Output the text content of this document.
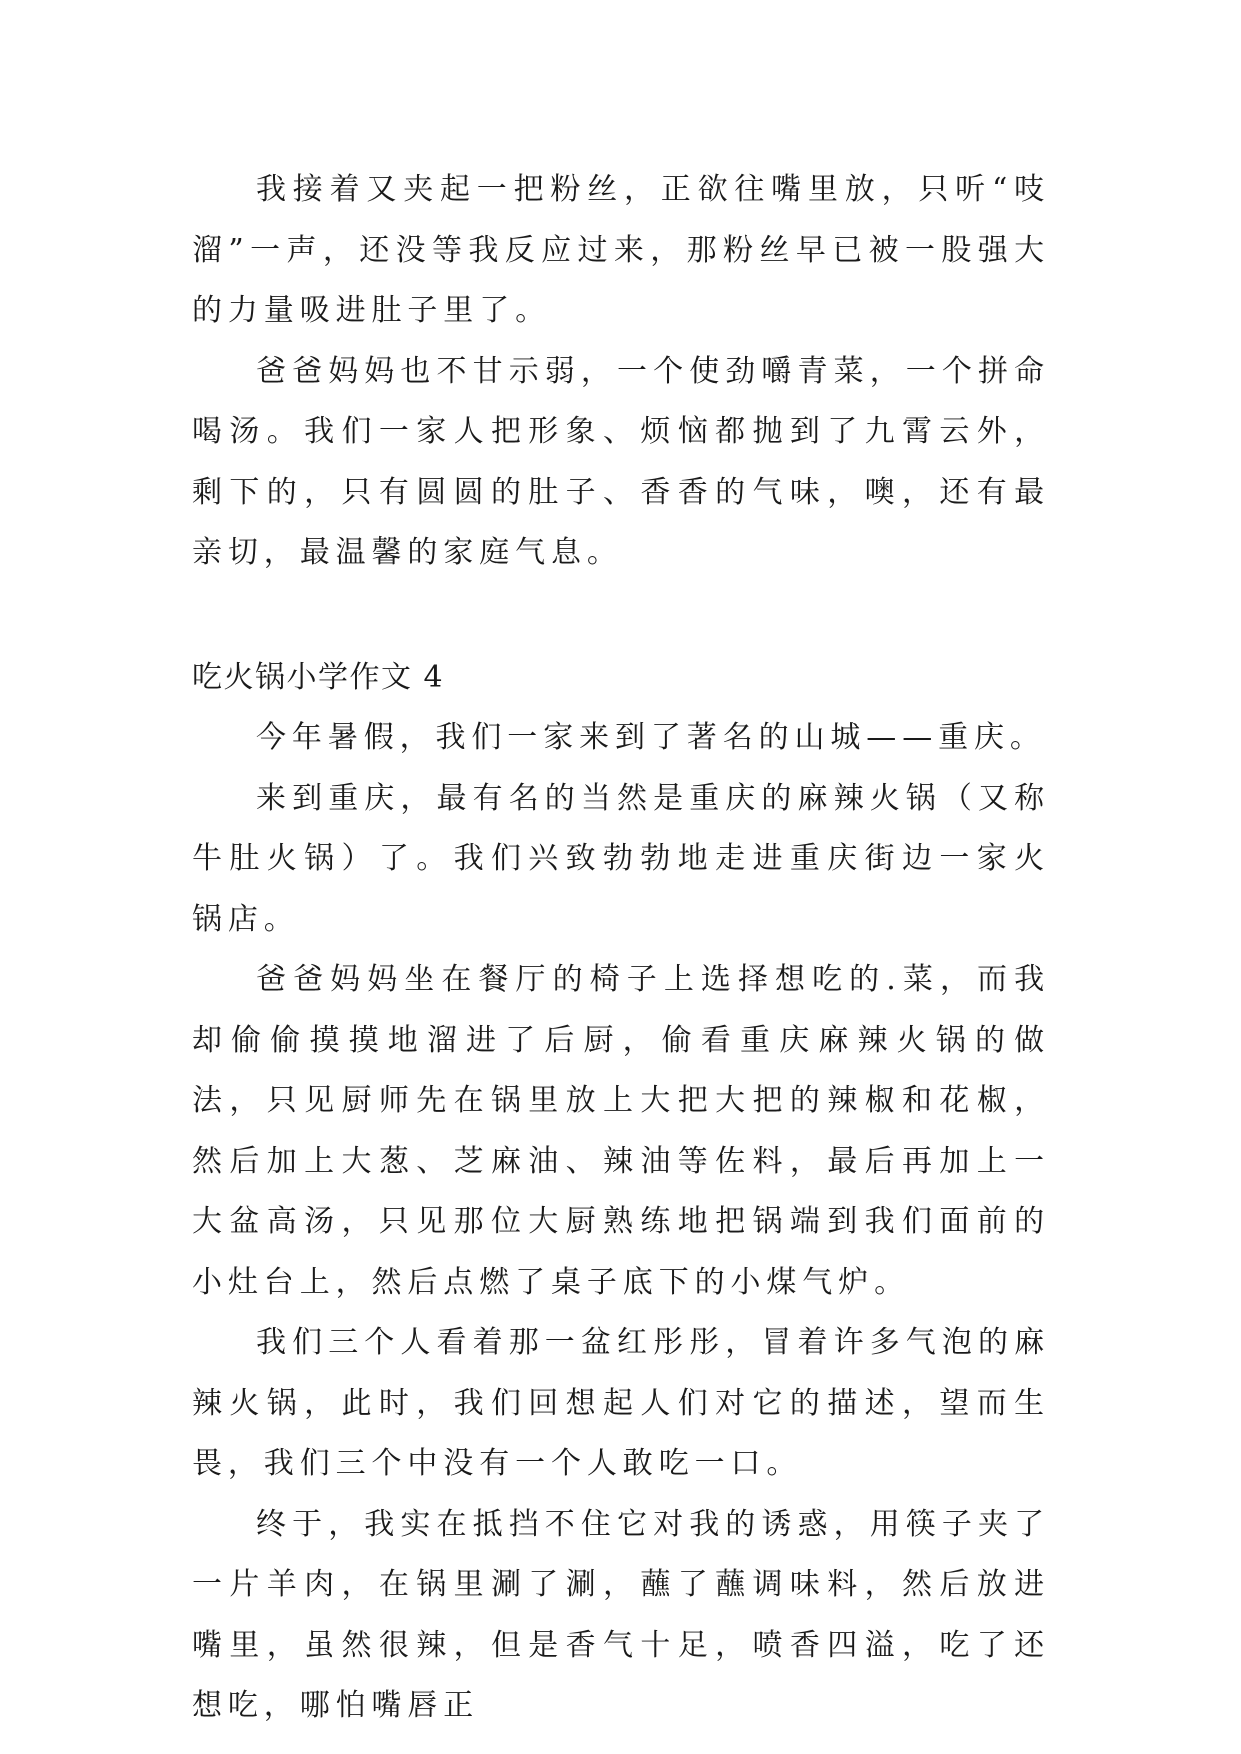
我接着又夹起一把粉丝，正欲往嘴里放，只听“吱溜”一声，还没等我反应过来，那粉丝早已被一股强大的力量吸进肚子里了。

爸爸妈妈也不甘示弱，一个使劲嚼青菜，一个拼命喝汤。我们一家人把形象、烦恼都抛到了九霄云外，剩下的，只有圆圆的肚子、香香的气味，噢，还有最亲切，最温馨的家庭气息。

吃火锅小学作文 4

今年暑假，我们一家来到了著名的山城——重庆。

来到重庆，最有名的当然是重庆的麻辣火锅（又称牛肚火锅）了。我们兴致勃勃地走进重庆街边一家火锅店。

爸爸妈妈坐在餐厅的椅子上选择想吃的.菜，而我却偷偷摸摸地溜进了后厨，偷看重庆麻辣火锅的做法，只见厨师先在锅里放上大把大把的辣椒和花椒，然后加上大葱、芝麻油、辣油等佐料，最后再加上一大盆高汤，只见那位大厨熟练地把锅端到我们面前的小灶台上，然后点燃了桌子底下的小煤气炉。

我们三个人看着那一盆红彤彤，冒着许多气泡的麻辣火锅，此时，我们回想起人们对它的描述，望而生畏，我们三个中没有一个人敢吃一口。

终于，我实在抵挡不住它对我的诱惑，用筷子夹了一片羊肉，在锅里涮了涮，蘸了蘸调味料，然后放进嘴里，虽然很辣，但是香气十足，喷香四溢，吃了还想吃，哪怕嘴唇正
